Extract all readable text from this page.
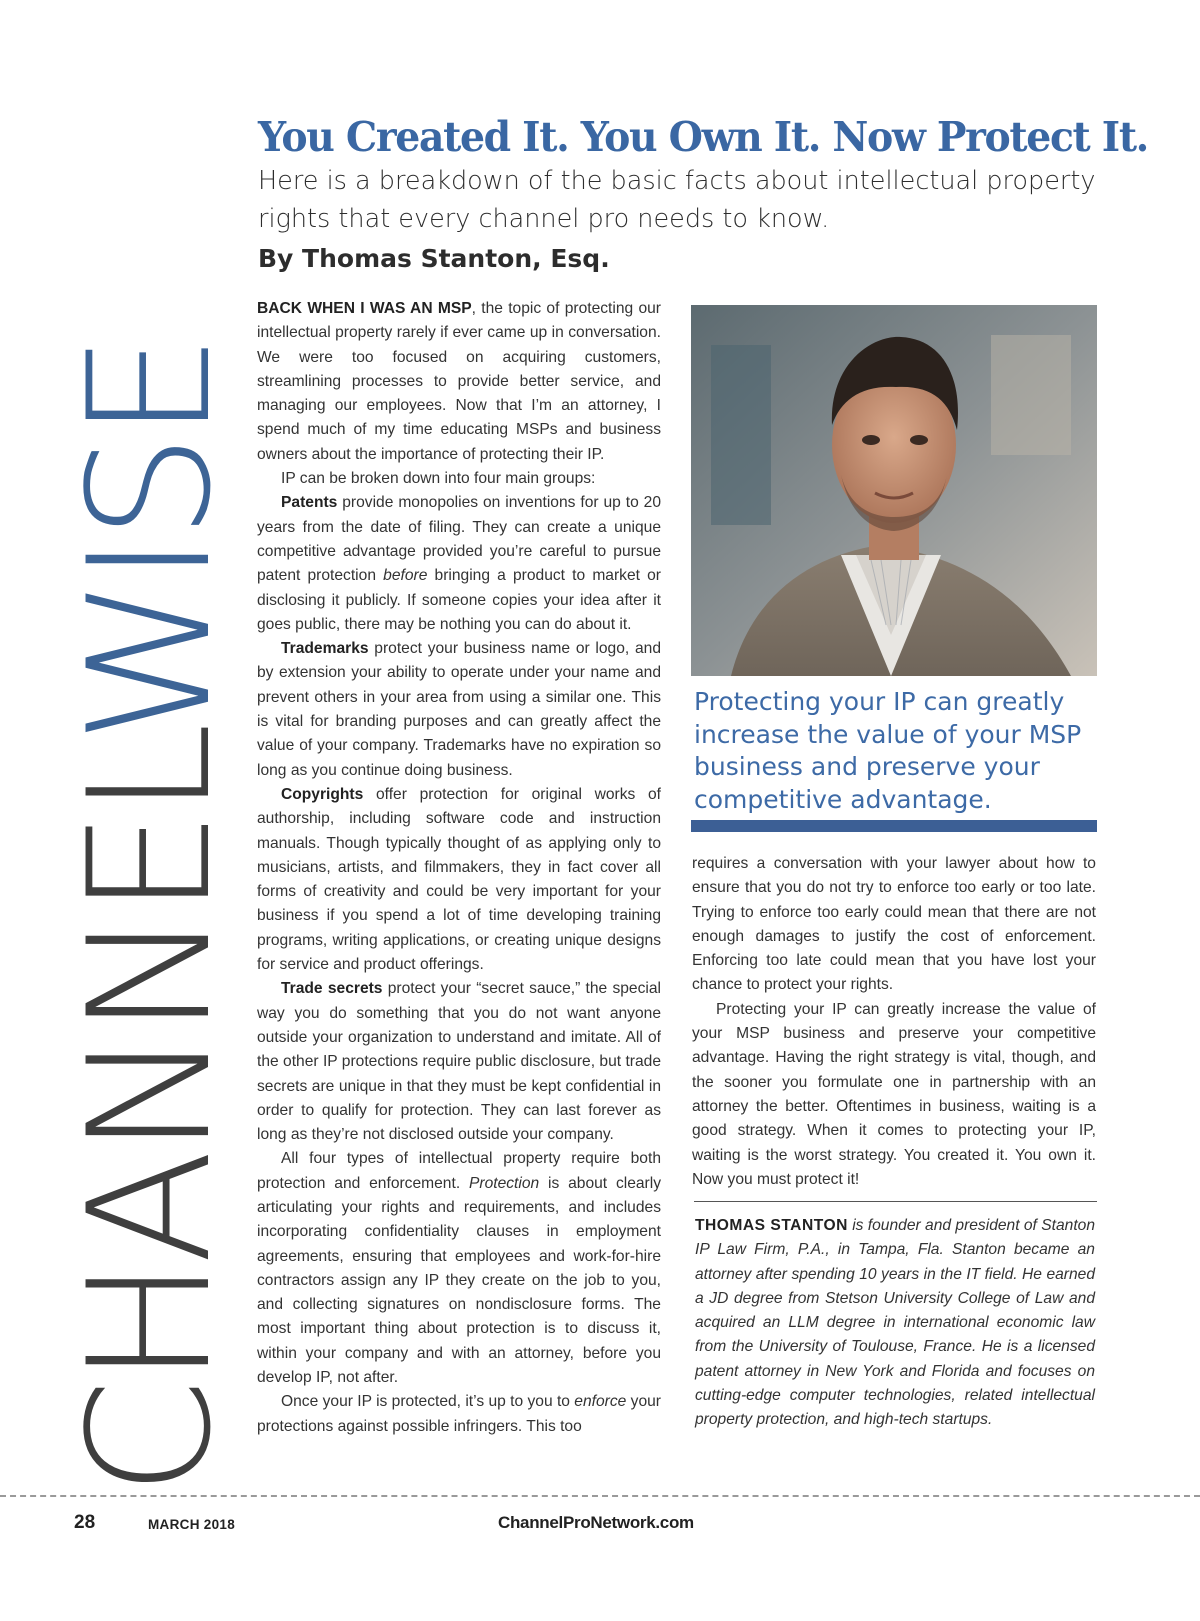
CHANNELWISE
You Created It. You Own It. Now Protect It.
Here is a breakdown of the basic facts about intellectual property rights that every channel pro needs to know.
By Thomas Stanton, Esq.

BACK WHEN I WAS AN MSP, the topic of protecting our intellectual property rarely if ever came up in conversation. We were too focused on acquiring customers, streamlining processes to provide better service, and managing our employees. Now that I’m an attorney, I spend much of my time educating MSPs and business owners about the importance of protecting their IP.

IP can be broken down into four main groups:

Patents provide monopolies on inventions for up to 20 years from the date of filing. They can create a unique competitive advantage provided you’re careful to pursue patent protection before bringing a product to market or disclosing it publicly. If someone copies your idea after it goes public, there may be nothing you can do about it.

Trademarks protect your business name or logo, and by extension your ability to operate under your name and prevent others in your area from using a similar one. This is vital for branding purposes and can greatly affect the value of your company. Trademarks have no expiration so long as you continue doing business.

Copyrights offer protection for original works of authorship, including software code and instruction manuals. Though typically thought of as applying only to musicians, artists, and filmmakers, they in fact cover all forms of creativity and could be very important for your business if you spend a lot of time developing training programs, writing applications, or creating unique designs for service and product offerings.

Trade secrets protect your “secret sauce,” the special way you do something that you do not want anyone outside your organization to understand and imitate. All of the other IP protections require public disclosure, but trade secrets are unique in that they must be kept confidential in order to qualify for protection. They can last forever as long as they’re not disclosed outside your company.

All four types of intellectual property require both protection and enforcement. Protection is about clearly articulating your rights and requirements, and includes incorporating confidentiality clauses in employment agreements, ensuring that employees and work-for-hire contractors assign any IP they create on the job to you, and collecting signatures on nondisclosure forms. The most important thing about protection is to discuss it, within your company and with an attorney, before you develop IP, not after.

Once your IP is protected, it’s up to you to enforce your protections against possible infringers. This too

Protecting your IP can greatly increase the value of your MSP business and preserve your competitive advantage.

requires a conversation with your lawyer about how to ensure that you do not try to enforce too early or too late. Trying to enforce too early could mean that there are not enough damages to justify the cost of enforcement. Enforcing too late could mean that you have lost your chance to protect your rights.

Protecting your IP can greatly increase the value of your MSP business and preserve your competitive advantage. Having the right strategy is vital, though, and the sooner you formulate one in partnership with an attorney the better. Oftentimes in business, waiting is a good strategy. When it comes to protecting your IP, waiting is the worst strategy. You created it. You own it. Now you must protect it!

THOMAS STANTON is founder and president of Stanton IP Law Firm, P.A., in Tampa, Fla. Stanton became an attorney after spending 10 years in the IT field. He earned a JD degree from Stetson University College of Law and acquired an LLM degree in international economic law from the University of Toulouse, France. He is a licensed patent attorney in New York and Florida and focuses on cutting-edge computer technologies, related intellectual property protection, and high-tech startups.
28	MARCH 2018	ChannelProNetwork.com
